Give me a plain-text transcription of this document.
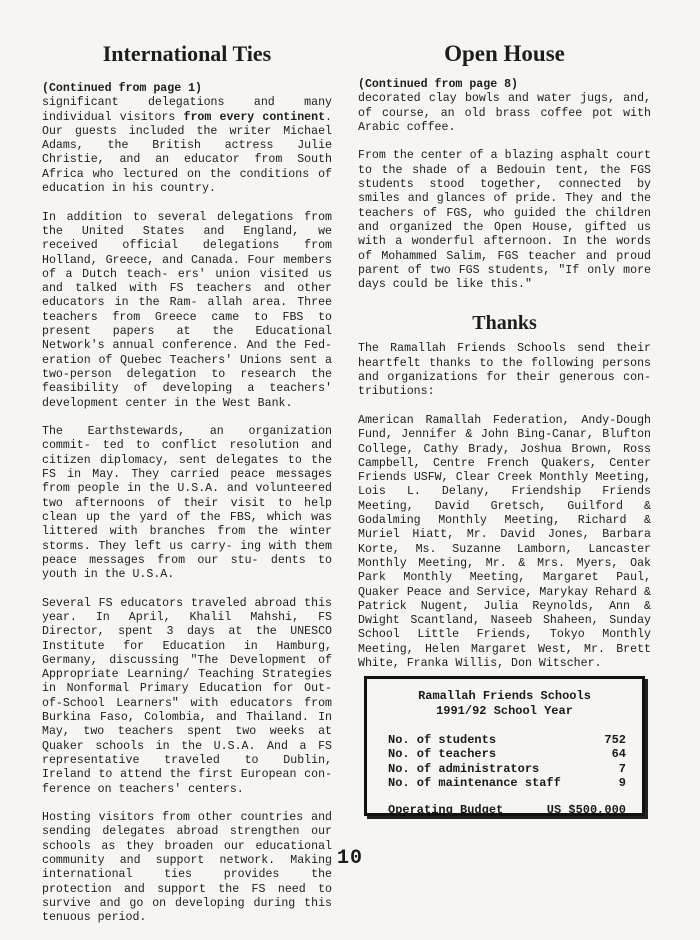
International Ties

(Continued from page 1)

significant delegations and many individual visitors from every continent. Our guests included the writer Michael Adams, the British actress Julie Christie, and an educator from South Africa who lectured on the conditions of education in his country.

In addition to several delegations from the United States and England, we received official delegations from Holland, Greece, and Canada. Four members of a Dutch teach- ers' union visited us and talked with FS teachers and other educators in the Ram- allah area. Three teachers from Greece came to FBS to present papers at the Educational Network's annual conference. And the Fed- eration of Quebec Teachers' Unions sent a two-person delegation to research the feasibility of developing a teachers' development center in the West Bank.

The Earthstewards, an organization commit- ted to conflict resolution and citizen diplomacy, sent delegates to the FS in May. They carried peace messages from people in the U.S.A. and volunteered two afternoons of their visit to help clean up the yard of the FBS, which was littered with branches from the winter storms. They left us carry- ing with them peace messages from our stu- dents to youth in the U.S.A.

Several FS educators traveled abroad this year. In April, Khalil Mahshi, FS Director, spent 3 days at the UNESCO Institute for Education in Hamburg, Germany, discussing "The Development of Appropriate Learning/ Teaching Strategies in Nonformal Primary Education for Out-of-School Learners" with educators from Burkina Faso, Colombia, and Thailand. In May, two teachers spent two weeks at Quaker schools in the U.S.A. And a FS representative traveled to Dublin, Ireland to attend the first European con- ference on teachers' centers.

Hosting visitors from other countries and sending delegates abroad strengthen our schools as they broaden our educational community and support network. Making international ties provides the protection and support the FS need to survive and go on developing during this tenuous period.

Open House

(Continued from page 8)

decorated clay bowls and water jugs, and, of course, an old brass coffee pot with Arabic coffee.

From the center of a blazing asphalt court to the shade of a Bedouin tent, the FGS students stood together, connected by smiles and glances of pride. They and the teachers of FGS, who guided the children and organized the Open House, gifted us with a wonderful afternoon. In the words of Mohammed Salim, FGS teacher and proud parent of two FGS students, "If only more days could be like this."

Thanks

The Ramallah Friends Schools send their heartfelt thanks to the following persons and organizations for their generous con- tributions:

American Ramallah Federation, Andy-Dough Fund, Jennifer & John Bing-Canar, Blufton College, Cathy Brady, Joshua Brown, Ross Campbell, Centre French Quakers, Center Friends USFW, Clear Creek Monthly Meeting, Lois L. Delany, Friendship Friends Meeting, David Gretsch, Guilford & Godalming Monthly Meeting, Richard & Muriel Hiatt, Mr. David Jones, Barbara Korte, Ms. Suzanne Lamborn, Lancaster Monthly Meeting, Mr. & Mrs. Myers, Oak Park Monthly Meeting, Margaret Paul, Quaker Peace and Service, Marykay Rehard & Patrick Nugent, Julia Reynolds, Ann & Dwight Scantland, Naseeb Shaheen, Sunday School Little Friends, Tokyo Monthly Meeting, Helen Margaret West, Mr. Brett White, Franka Willis, Don Witscher.

Ramallah Friends Schools
1991/92 School Year
No. of students	752
No. of teachers	64
No. of administrators	7
No. of maintenance staff	9
Operating Budget	US $500,000
10
